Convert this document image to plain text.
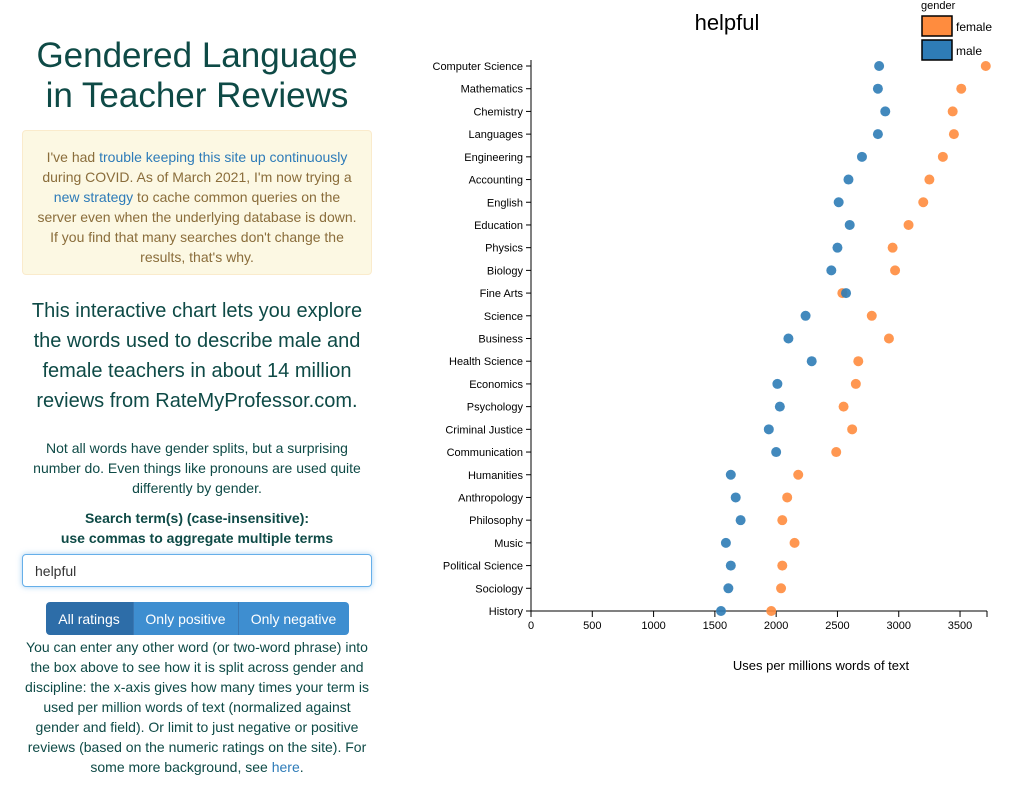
Gendered Language in Teacher Reviews
I've had trouble keeping this site up continuously during COVID. As of March 2021, I'm now trying a new strategy to cache common queries on the server even when the underlying database is down. If you find that many searches don't change the results, that's why.
This interactive chart lets you explore the words used to describe male and female teachers in about 14 million reviews from RateMyProfessor.com.
Not all words have gender splits, but a surprising number do. Even things like pronouns are used quite differently by gender.
Search term(s) (case-insensitive):
use commas to aggregate multiple terms
helpful
All ratings	Only positive	Only negative
You can enter any other word (or two-word phrase) into the box above to see how it is split across gender and discipline: the x-axis gives how many times your term is used per million words of text (normalized against gender and field). Or limit to just negative or positive reviews (based on the numeric ratings on the site). For some more background, see here.
helpful
gender
female
male
Computer Science
Mathematics
Chemistry
Languages
Engineering
Accounting
English
Education
Physics
Biology
Fine Arts
Science
Business
Health Science
Economics
Psychology
Criminal Justice
Communication
Humanities
Anthropology
Philosophy
Music
Political Science
Sociology
History
0	500	1000	1500	2000	2500	3000	3500
Uses per millions words of text
